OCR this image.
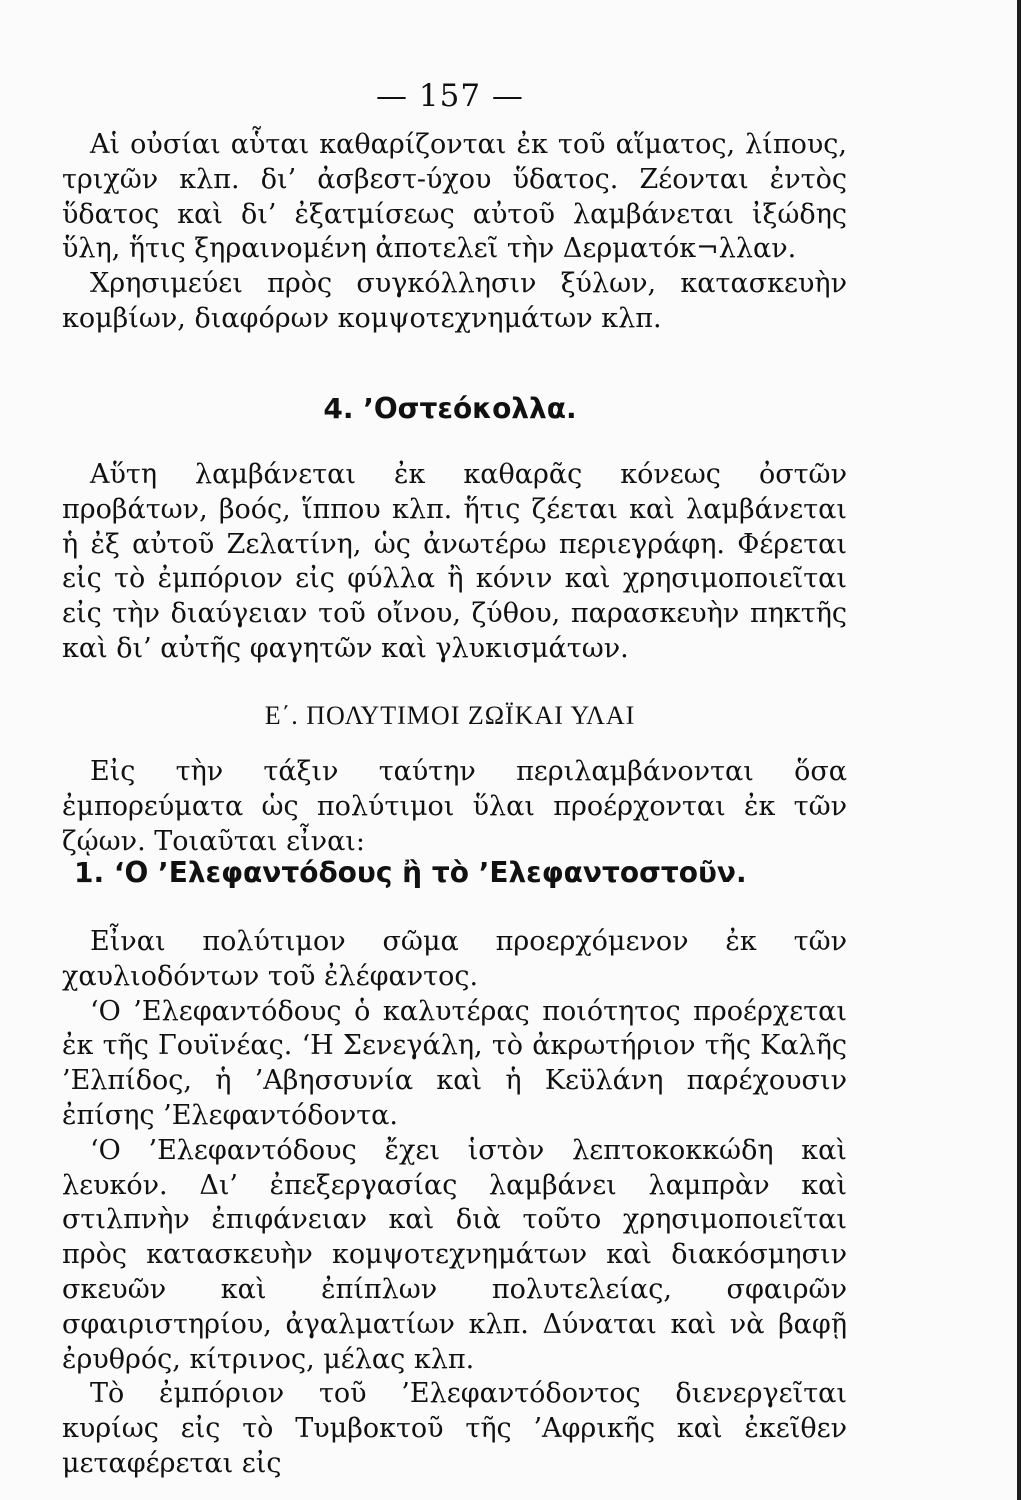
— 157 —

Αἱ οὐσίαι αὗται καθαρίζονται ἐκ τοῦ αἵματος, λίπους, τριχῶν κλπ. δι’ ἀσβεστ-ύχου ὕδατος. Ζέονται ἐντὸς ὕδατος καὶ δι’ ἐξατμίσεως αὐτοῦ λαμβάνεται ἰξώδης ὕλη, ἥτις ξηραινομένη ἀποτελεῖ τὴν Δερματόκ¬λλαν.

Χρησιμεύει πρὸς συγκόλλησιν ξύλων, κατασκευὴν κομβίων, διαφόρων κομψοτεχνημάτων κλπ.

4. ’Οστεόκολλα.

Αὕτη λαμβάνεται ἐκ καθαρᾶς κόνεως ὀστῶν προβάτων, βοός, ἵππου κλπ. ἥτις ζέεται καὶ λαμβάνεται ἡ ἐξ αὐτοῦ Ζελατίνη, ὡς ἀνωτέρω περιεγράφη. Φέρεται εἰς τὸ ἐμπόριον εἰς φύλλα ἢ κόνιν καὶ χρησιμοποιεῖται εἰς τὴν διαύγειαν τοῦ οἴνου, ζύθου, παρασκευὴν πηκτῆς καὶ δι’ αὐτῆς φαγητῶν καὶ γλυκισμάτων.

Ε΄. ΠΟΛΥΤΙΜΟΙ ΖΩΪΚΑΙ ΥΛΑΙ

Εἰς τὴν τάξιν ταύτην περιλαμβάνονται ὅσα ἐμπορεύματα ὡς πολύτιμοι ὕλαι προέρχονται ἐκ τῶν ζῴων. Τοιαῦται εἶναι:

1. ‘Ο ’Ελεφαντόδους ἢ τὸ ’Ελεφαντοστοῦν.

Εἶναι πολύτιμον σῶμα προερχόμενον ἐκ τῶν χαυλιοδόντων τοῦ ἐλέφαντος.

‘Ο ’Ελεφαντόδους ὁ καλυτέρας ποιότητος προέρχεται ἐκ τῆς Γουϊνέας. ‘Η Σενεγάλη, τὸ ἀκρωτήριον τῆς Καλῆς ’Ελπίδος, ἡ ’Αβησσυνία καὶ ἡ Κεϋλάνη παρέχουσιν ἐπίσης ’Ελεφαντόδοντα.

‘Ο ’Ελεφαντόδους ἔχει ἱστὸν λεπτοκοκκώδη καὶ λευκόν. Δι’ ἐπεξεργασίας λαμβάνει λαμπρὰν καὶ στιλπνὴν ἐπιφάνειαν καὶ διὰ τοῦτο χρησιμοποιεῖται πρὸς κατασκευὴν κομψοτεχνημάτων καὶ διακόσμησιν σκευῶν καὶ ἐπίπλων πολυτελείας, σφαιρῶν σφαιριστηρίου, ἀγαλματίων κλπ. Δύναται καὶ νὰ βαφῇ ἐρυθρός, κίτρινος, μέλας κλπ.

Τὸ ἐμπόριον τοῦ ’Ελεφαντόδοντος διενεργεῖται κυρίως εἰς τὸ Τυμβοκτοῦ τῆς ’Αφρικῆς καὶ ἐκεῖθεν μεταφέρεται εἰς
